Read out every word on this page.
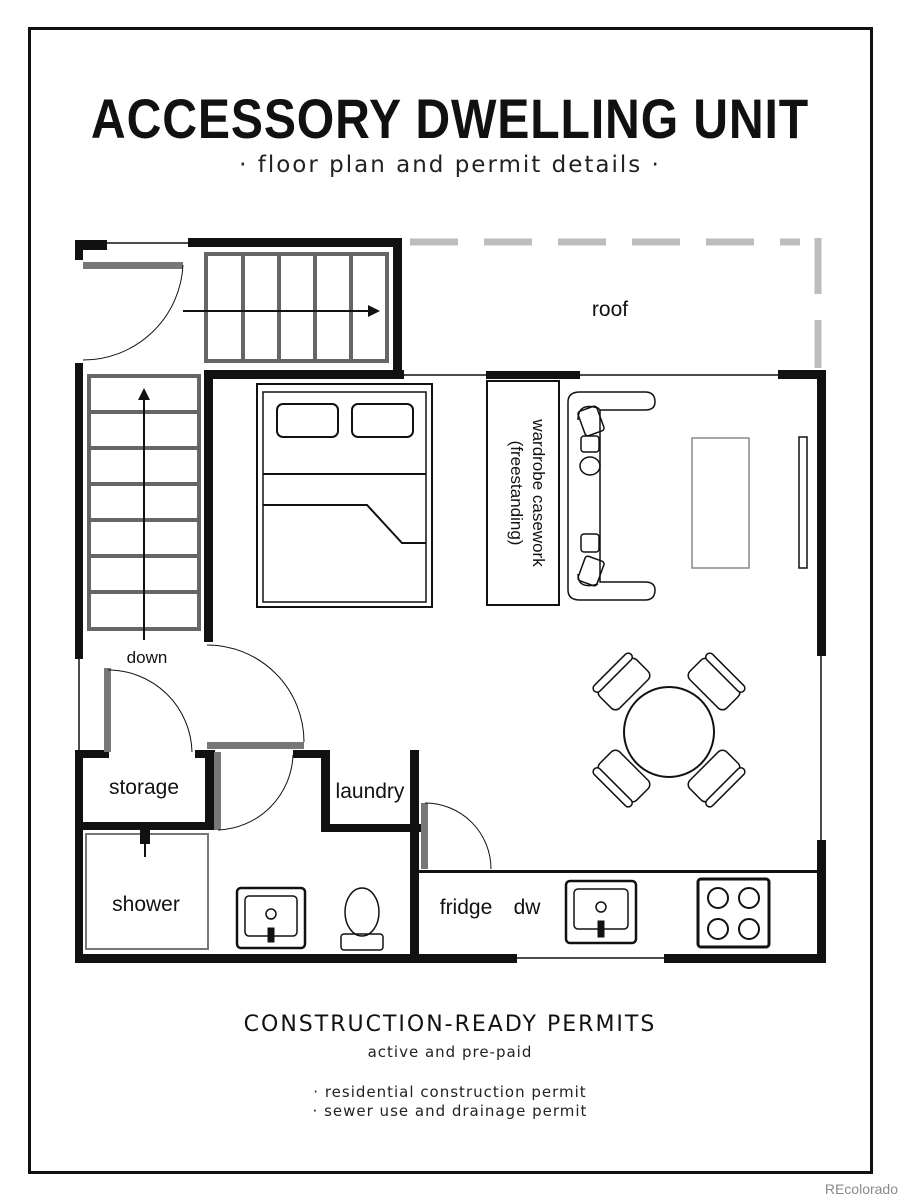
ACCESSORY DWELLING UNIT
· floor plan and permit details ·
roof
down
storage	laundry
shower	fridge dw
wardrobe casework
(freestanding)
CONSTRUCTION-READY PERMITS
active and pre-paid
· residential construction permit
· sewer use and drainage permit
REcolorado
